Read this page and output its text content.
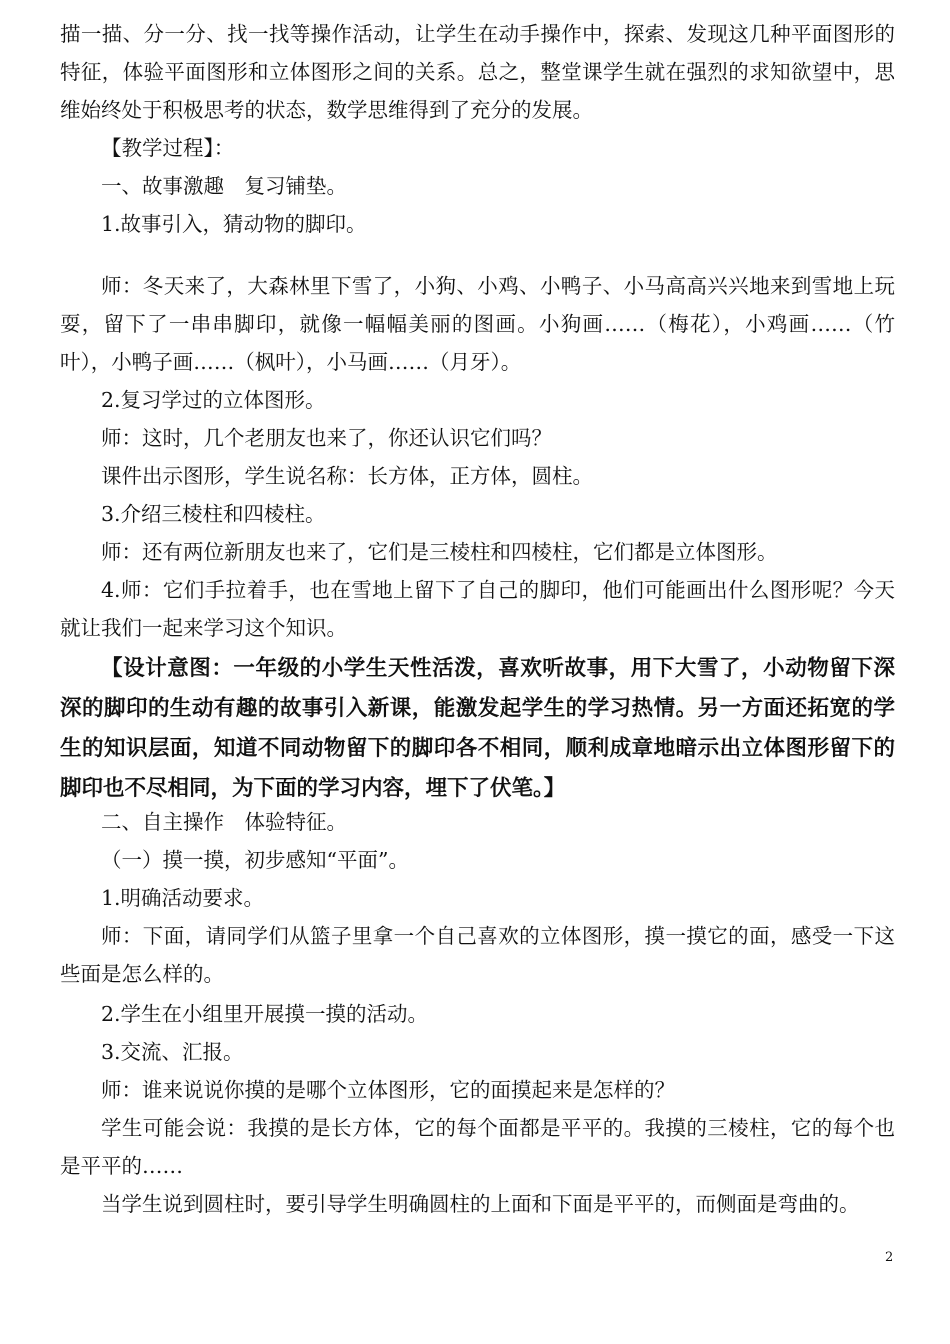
描一描、分一分、找一找等操作活动，让学生在动手操作中，探索、发现这几种平面图形的特征，体验平面图形和立体图形之间的关系。总之，整堂课学生就在强烈的求知欲望中，思维始终处于积极思考的状态，数学思维得到了充分的发展。

【教学过程】：

一、故事激趣　复习铺垫。

1.故事引入，猜动物的脚印。

师：冬天来了，大森林里下雪了，小狗、小鸡、小鸭子、小马高高兴兴地来到雪地上玩耍，留下了一串串脚印，就像一幅幅美丽的图画。小狗画……（梅花），小鸡画……（竹叶），小鸭子画……（枫叶），小马画……（月牙）。

2.复习学过的立体图形。

师：这时，几个老朋友也来了，你还认识它们吗？

课件出示图形，学生说名称：长方体，正方体，圆柱。

3.介绍三棱柱和四棱柱。

师：还有两位新朋友也来了，它们是三棱柱和四棱柱，它们都是立体图形。

4.师：它们手拉着手，也在雪地上留下了自己的脚印，他们可能画出什么图形呢？今天就让我们一起来学习这个知识。

【设计意图：一年级的小学生天性活泼，喜欢听故事，用下大雪了，小动物留下深深的脚印的生动有趣的故事引入新课，能激发起学生的学习热情。另一方面还拓宽的学生的知识层面，知道不同动物留下的脚印各不相同，顺利成章地暗示出立体图形留下的脚印也不尽相同，为下面的学习内容，埋下了伏笔。】

二、自主操作　体验特征。

（一）摸一摸，初步感知“平面”。

1.明确活动要求。

师：下面，请同学们从篮子里拿一个自己喜欢的立体图形，摸一摸它的面，感受一下这些面是怎么样的。

2.学生在小组里开展摸一摸的活动。

3.交流、汇报。

师：谁来说说你摸的是哪个立体图形，它的面摸起来是怎样的？

学生可能会说：我摸的是长方体，它的每个面都是平平的。我摸的三棱柱，它的每个也是平平的……

当学生说到圆柱时，要引导学生明确圆柱的上面和下面是平平的，而侧面是弯曲的。

2
